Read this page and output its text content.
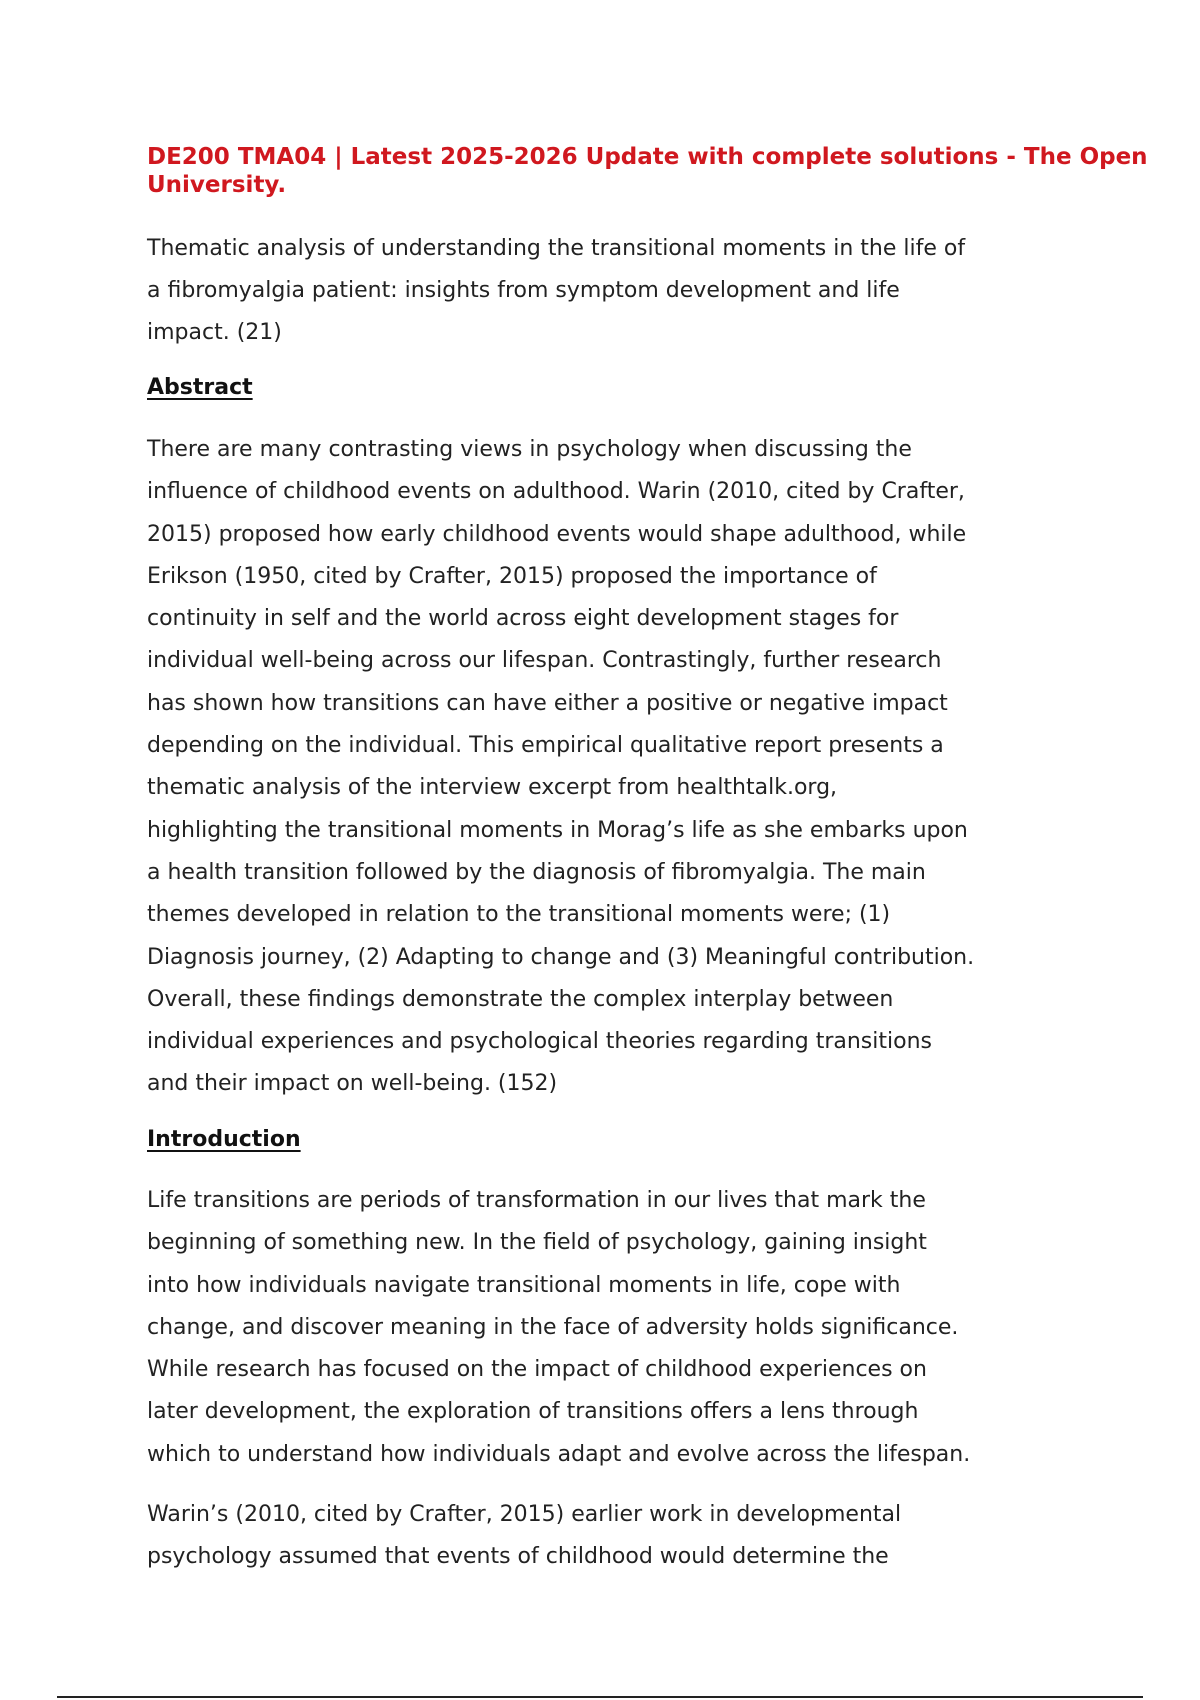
DE200 TMA04 | Latest 2025-2026 Update with complete solutions - The Open
University.

Thematic analysis of understanding the transitional moments in the life of
a fibromyalgia patient: insights from symptom development and life
impact. (21)

Abstract

There are many contrasting views in psychology when discussing the
influence of childhood events on adulthood. Warin (2010, cited by Crafter,
2015) proposed how early childhood events would shape adulthood, while
Erikson (1950, cited by Crafter, 2015) proposed the importance of
continuity in self and the world across eight development stages for
individual well-being across our lifespan. Contrastingly, further research
has shown how transitions can have either a positive or negative impact
depending on the individual. This empirical qualitative report presents a
thematic analysis of the interview excerpt from healthtalk.org,
highlighting the transitional moments in Morag’s life as she embarks upon
a health transition followed by the diagnosis of fibromyalgia. The main
themes developed in relation to the transitional moments were; (1)
Diagnosis journey, (2) Adapting to change and (3) Meaningful contribution.
Overall, these findings demonstrate the complex interplay between
individual experiences and psychological theories regarding transitions
and their impact on well-being. (152)

Introduction

Life transitions are periods of transformation in our lives that mark the
beginning of something new. In the field of psychology, gaining insight
into how individuals navigate transitional moments in life, cope with
change, and discover meaning in the face of adversity holds significance.
While research has focused on the impact of childhood experiences on
later development, the exploration of transitions offers a lens through
which to understand how individuals adapt and evolve across the lifespan.

Warin’s (2010, cited by Crafter, 2015) earlier work in developmental
psychology assumed that events of childhood would determine the
